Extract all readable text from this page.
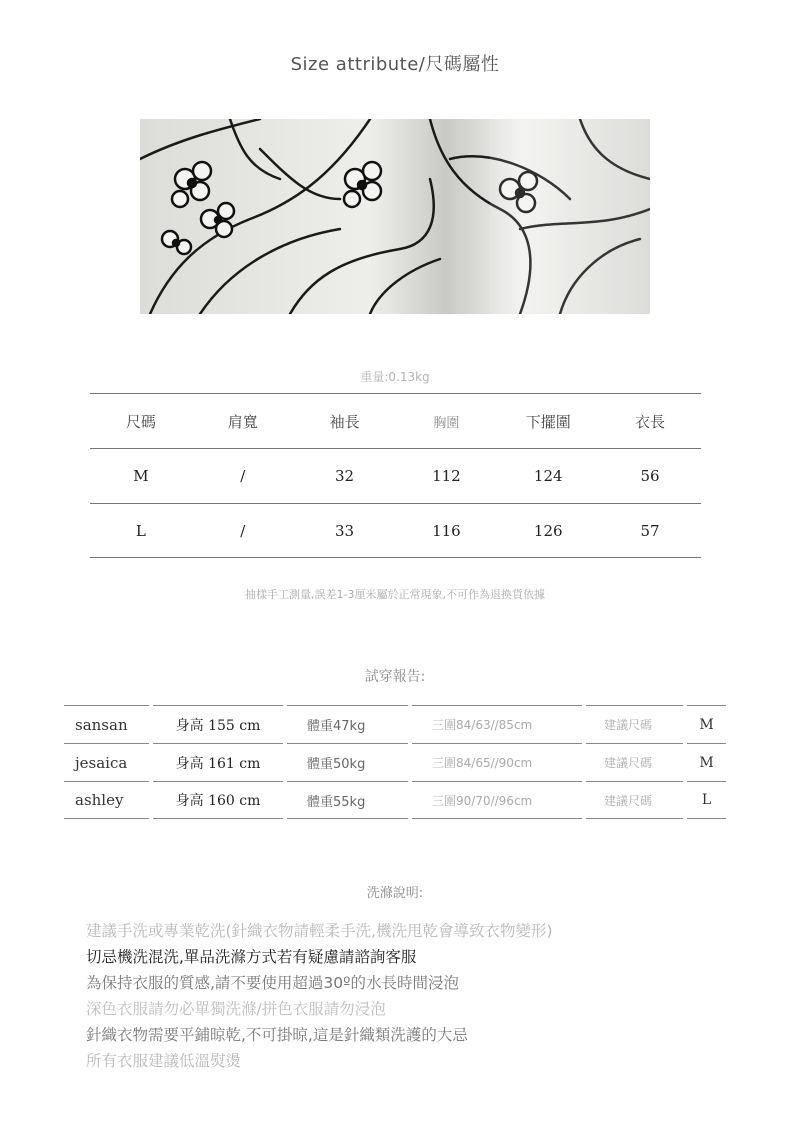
Size attribute/尺碼屬性
重量:0.13kg
尺碼	肩寬	袖長	胸圍	下擺圍	衣長
M	/	32	112	124	56
L	/	33	116	126	57
抽樣手工測量,誤差1-3厘米屬於正常現象,不可作為退換貨依據
試穿報告:
sansan	身高 155 cm	體重47kg	三圍84/63//85cm	建議尺碼	M
jesaica	身高 161 cm	體重50kg	三圍84/65//90cm	建議尺碼	M
ashley	身高 160 cm	體重55kg	三圍90/70//96cm	建議尺碼	L
洗滌說明:
建議手洗或專業乾洗(針織衣物請輕柔手洗,機洗甩乾會導致衣物變形)
切忌機洗混洗,單品洗滌方式若有疑慮請諮詢客服
為保持衣服的質感,請不要使用超過30º的水長時間浸泡
深色衣服請勿必單獨洗滌/拼色衣服請勿浸泡
針織衣物需要平鋪晾乾,不可掛晾,這是針織類洗護的大忌
所有衣服建議低溫熨燙
